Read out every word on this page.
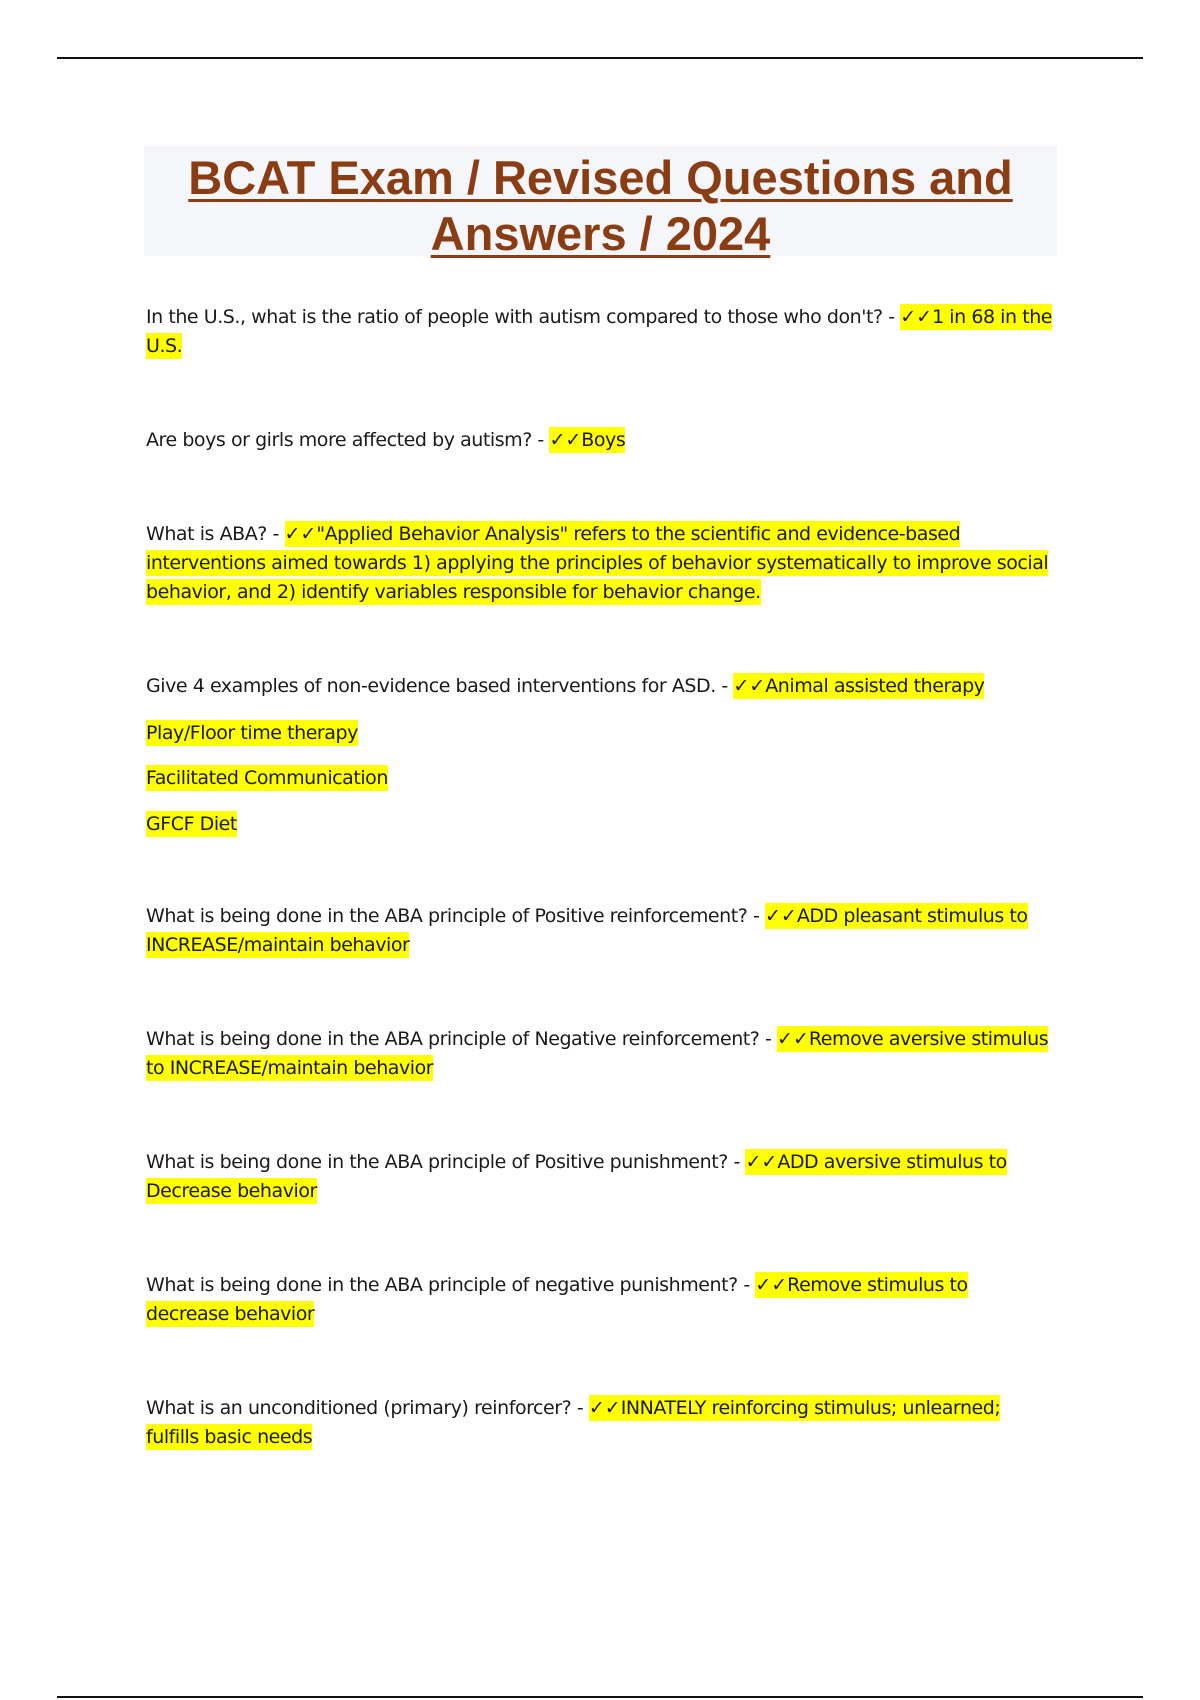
BCAT Exam / Revised Questions and Answers / 2024
In the U.S., what is the ratio of people with autism compared to those who don't? - ✓✓1 in 68 in the U.S.
Are boys or girls more affected by autism? - ✓✓Boys
What is ABA? - ✓✓"Applied Behavior Analysis" refers to the scientific and evidence-based interventions aimed towards 1) applying the principles of behavior systematically to improve social behavior, and 2) identify variables responsible for behavior change.
Give 4 examples of non-evidence based interventions for ASD. - ✓✓Animal assisted therapy
Play/Floor time therapy
Facilitated Communication
GFCF Diet
What is being done in the ABA principle of Positive reinforcement? - ✓✓ADD pleasant stimulus to INCREASE/maintain behavior
What is being done in the ABA principle of Negative reinforcement? - ✓✓Remove aversive stimulus to INCREASE/maintain behavior
What is being done in the ABA principle of Positive punishment? - ✓✓ADD aversive stimulus to Decrease behavior
What is being done in the ABA principle of negative punishment? - ✓✓Remove stimulus to decrease behavior
What is an unconditioned (primary) reinforcer? - ✓✓INNATELY reinforcing stimulus; unlearned; fulfills basic needs
